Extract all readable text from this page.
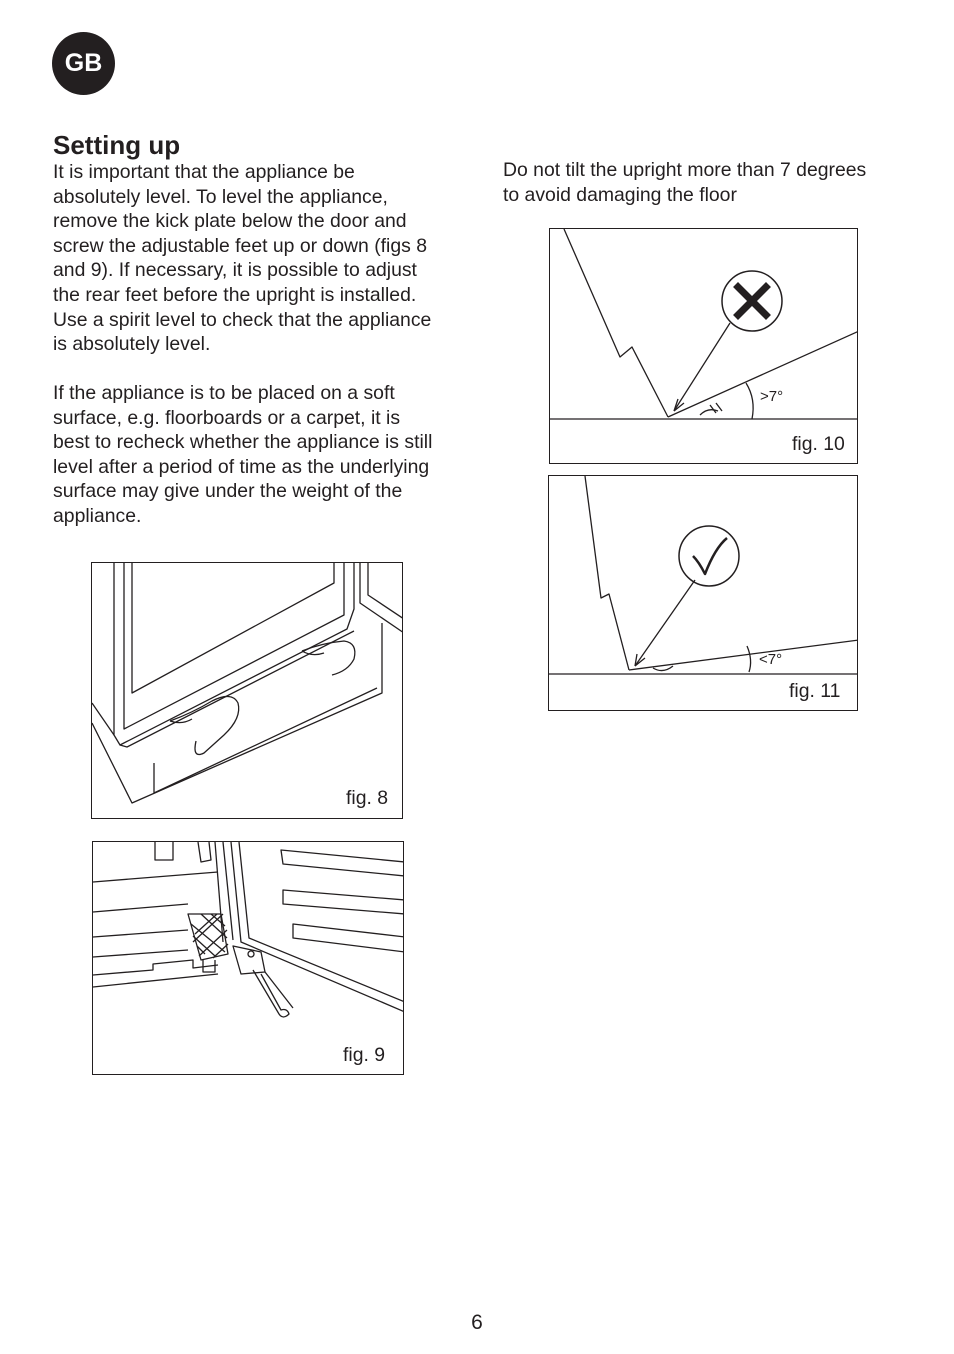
GB
Setting up

It is important that the appliance be
absolutely level. To level the appliance,
remove the kick plate below the door and
screw the adjustable feet up or down (figs 8
and 9). If necessary, it is possible to adjust
the rear feet before the upright is installed.
Use a spirit level to check that the appliance
is absolutely level.

If the appliance is to be placed on a soft
surface, e.g. floorboards or a carpet, it is
best to recheck whether the appliance is still
level after a period of time as the underlying
surface may give under the weight of the
appliance.

Do not tilt the upright more than 7 degrees
to avoid damaging the floor

fig. 8
fig. 9
>7°
fig. 10
<7°
fig. 11
6
